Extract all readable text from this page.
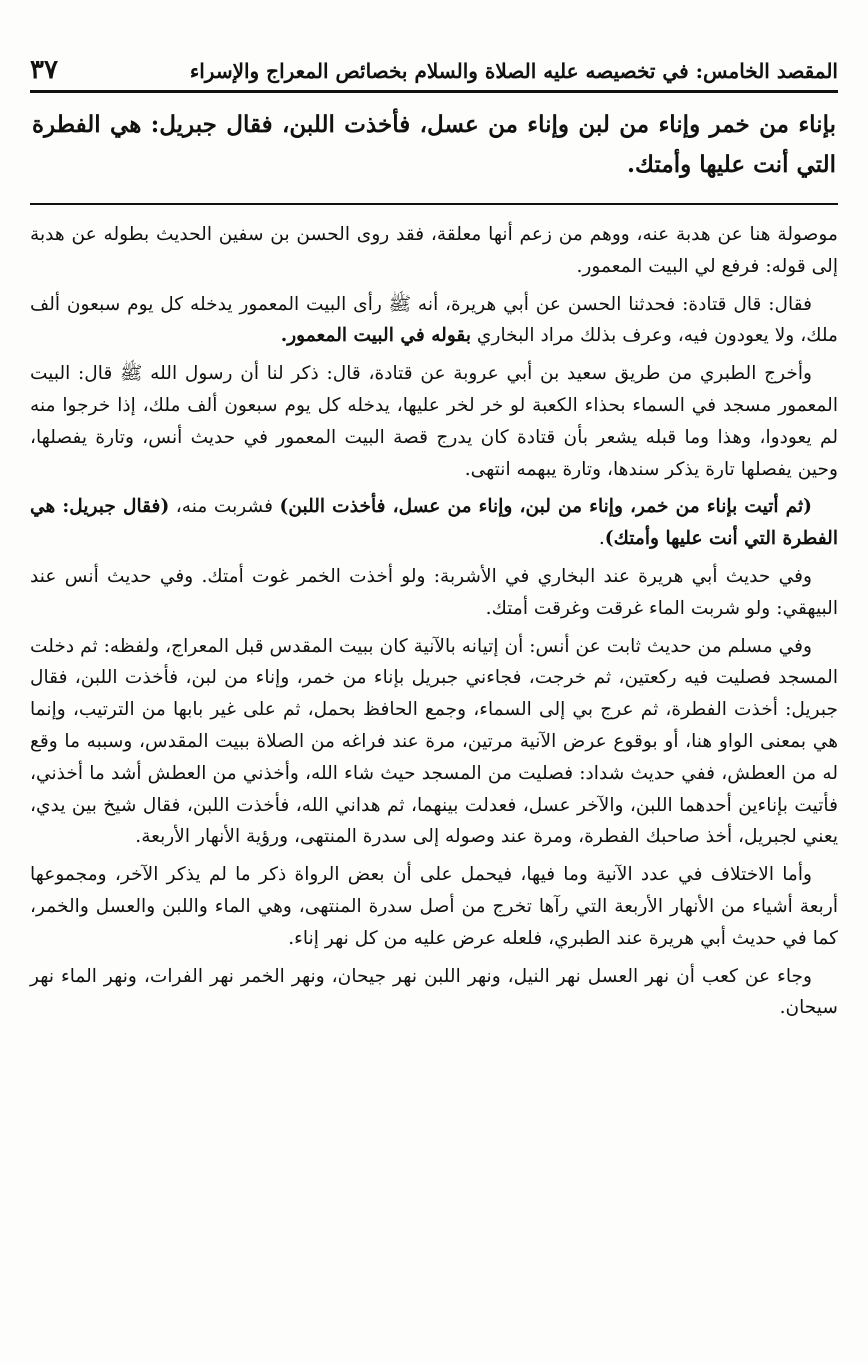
المقصد الخامس: في تخصيصه عليه الصلاة والسلام بخصائص المعراج والإسراء
٣٧
بإناء من خمر وإناء من لبن وإناء من عسل، فأخذت اللبن، فقال جبريل: هي الفطرة التي أنت عليها وأمتك.

موصولة هنا عن هدبة عنه، ووهم من زعم أنها معلقة، فقد روى الحسن بن سفين الحديث بطوله عن هدبة إلى قوله: فرفع لي البيت المعمور.

فقال: قال قتادة: فحدثنا الحسن عن أبي هريرة، أنه ﷺ رأى البيت المعمور يدخله كل يوم سبعون ألف ملك، ولا يعودون فيه، وعرف بذلك مراد البخاري بقوله في البيت المعمور.

وأخرج الطبري من طريق سعيد بن أبي عروبة عن قتادة، قال: ذكر لنا أن رسول الله ﷺ قال: البيت المعمور مسجد في السماء بحذاء الكعبة لو خر لخر عليها، يدخله كل يوم سبعون ألف ملك، إذا خرجوا منه لم يعودوا، وهذا وما قبله يشعر بأن قتادة كان يدرج قصة البيت المعمور في حديث أنس، وتارة يفصلها، وحين يفصلها تارة يذكر سندها، وتارة يبهمه انتهى.

(ثم أتيت بإناء من خمر، وإناء من لبن، وإناء من عسل، فأخذت اللبن) فشربت منه، (فقال جبريل: هي الفطرة التي أنت عليها وأمتك).

وفي حديث أبي هريرة عند البخاري في الأشربة: ولو أخذت الخمر غوت أمتك. وفي حديث أنس عند البيهقي: ولو شربت الماء غرقت وغرقت أمتك.

وفي مسلم من حديث ثابت عن أنس: أن إتيانه بالآنية كان ببيت المقدس قبل المعراج، ولفظه: ثم دخلت المسجد فصليت فيه ركعتين، ثم خرجت، فجاءني جبريل بإناء من خمر، وإناء من لبن، فأخذت اللبن، فقال جبريل: أخذت الفطرة، ثم عرج بي إلى السماء، وجمع الحافظ بحمل، ثم على غير بابها من الترتيب، وإنما هي بمعنى الواو هنا، أو بوقوع عرض الآنية مرتين، مرة عند فراغه من الصلاة ببيت المقدس، وسببه ما وقع له من العطش، ففي حديث شداد: فصليت من المسجد حيث شاء الله، وأخذني من العطش أشد ما أخذني، فأتيت بإناءين أحدهما اللبن، والآخر عسل، فعدلت بينهما، ثم هداني الله، فأخذت اللبن، فقال شيخ بين يدي، يعني لجبريل، أخذ صاحبك الفطرة، ومرة عند وصوله إلى سدرة المنتهى، ورؤية الأنهار الأربعة.

وأما الاختلاف في عدد الآنية وما فيها، فيحمل على أن بعض الرواة ذكر ما لم يذكر الآخر، ومجموعها أربعة أشياء من الأنهار الأربعة التي رآها تخرج من أصل سدرة المنتهى، وهي الماء واللبن والعسل والخمر، كما في حديث أبي هريرة عند الطبري، فلعله عرض عليه من كل نهر إناء.

وجاء عن كعب أن نهر العسل نهر النيل، ونهر اللبن نهر جيحان، ونهر الخمر نهر الفرات، ونهر الماء نهر سيحان.
